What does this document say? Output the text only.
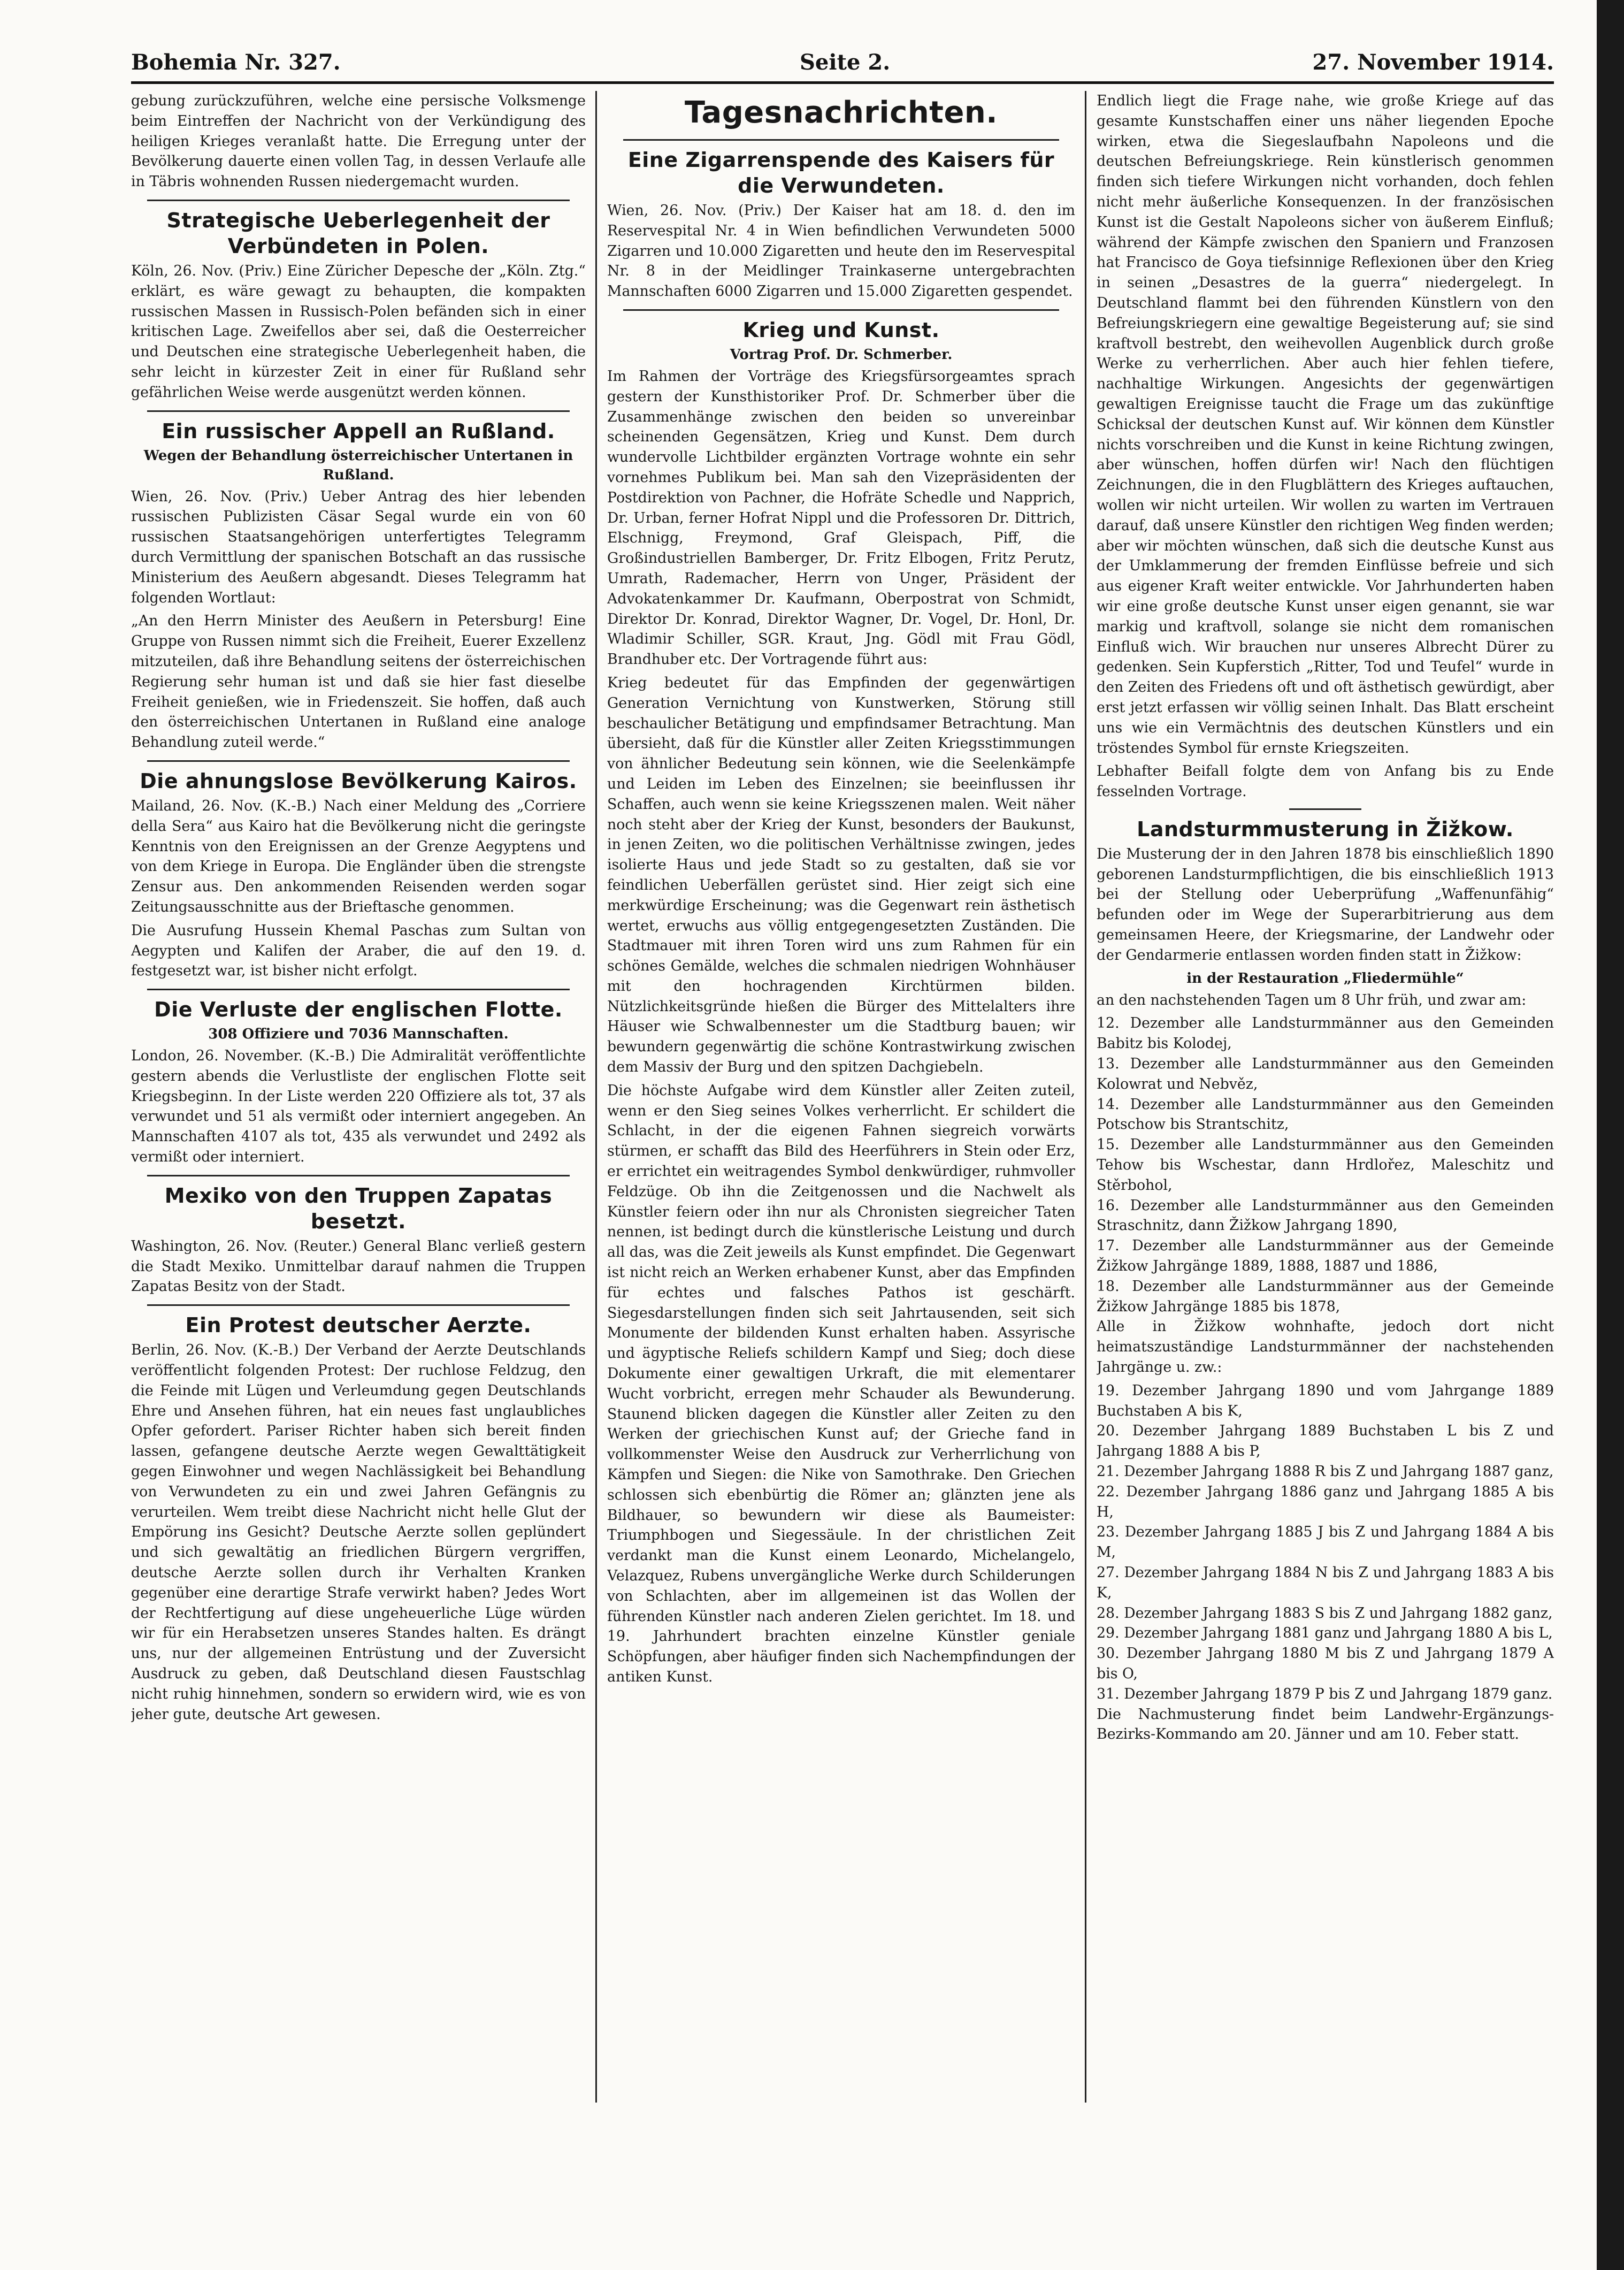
Bohemia Nr. 327.	Seite 2.	27. November 1914.

gebung zurückzuführen, welche eine persische Volksmenge beim Eintreffen der Nachricht von der Verkündigung des heiligen Krieges veranlaßt hatte. Die Erregung unter der Bevölkerung dauerte einen vollen Tag, in dessen Verlaufe alle in Täbris wohnenden Russen niedergemacht wurden.

Strategische Ueberlegenheit der Verbündeten in Polen.

Köln, 26. Nov. (Priv.) Eine Züricher Depesche der „Köln. Ztg.“ erklärt, es wäre gewagt zu behaupten, die kompakten russischen Massen in Russisch-Polen befänden sich in einer kritischen Lage. Zweifellos aber sei, daß die Oesterreicher und Deutschen eine strategische Ueberlegenheit haben, die sehr leicht in kürzester Zeit in einer für Rußland sehr gefährlichen Weise werde ausgenützt werden können.

Ein russischer Appell an Rußland.
Wegen der Behandlung österreichischer Untertanen in Rußland.

Wien, 26. Nov. (Priv.) Ueber Antrag des hier lebenden russischen Publizisten Cäsar Segal wurde ein von 60 russischen Staatsangehörigen unterfertigtes Telegramm durch Vermittlung der spanischen Botschaft an das russische Ministerium des Aeußern abgesandt. Dieses Telegramm hat folgenden Wortlaut:

„An den Herrn Minister des Aeußern in Petersburg! Eine Gruppe von Russen nimmt sich die Freiheit, Euerer Exzellenz mitzuteilen, daß ihre Behandlung seitens der österreichischen Regierung sehr human ist und daß sie hier fast dieselbe Freiheit genießen, wie in Friedenszeit. Sie hoffen, daß auch den österreichischen Untertanen in Rußland eine analoge Behandlung zuteil werde.“

Die ahnungslose Bevölkerung Kairos.

Mailand, 26. Nov. (K.-B.) Nach einer Meldung des „Corriere della Sera“ aus Kairo hat die Bevölkerung nicht die geringste Kenntnis von den Ereignissen an der Grenze Aegyptens und von dem Kriege in Europa. Die Engländer üben die strengste Zensur aus. Den ankommenden Reisenden werden sogar Zeitungsausschnitte aus der Brieftasche genommen.

Die Ausrufung Hussein Khemal Paschas zum Sultan von Aegypten und Kalifen der Araber, die auf den 19. d. festgesetzt war, ist bisher nicht erfolgt.

Die Verluste der englischen Flotte.
308 Offiziere und 7036 Mannschaften.

London, 26. November. (K.-B.) Die Admiralität veröffentlichte gestern abends die Verlustliste der englischen Flotte seit Kriegsbeginn. In der Liste werden 220 Offiziere als tot, 37 als verwundet und 51 als vermißt oder interniert angegeben. An Mannschaften 4107 als tot, 435 als verwundet und 2492 als vermißt oder interniert.

Mexiko von den Truppen Zapatas besetzt.

Washington, 26. Nov. (Reuter.) General Blanc verließ gestern die Stadt Mexiko. Unmittelbar darauf nahmen die Truppen Zapatas Besitz von der Stadt.

Ein Protest deutscher Aerzte.

Berlin, 26. Nov. (K.-B.) Der Verband der Aerzte Deutschlands veröffentlicht folgenden Protest: Der ruchlose Feldzug, den die Feinde mit Lügen und Verleumdung gegen Deutschlands Ehre und Ansehen führen, hat ein neues fast unglaubliches Opfer gefordert. Pariser Richter haben sich bereit finden lassen, gefangene deutsche Aerzte wegen Gewalttätigkeit gegen Einwohner und wegen Nachlässigkeit bei Behandlung von Verwundeten zu ein und zwei Jahren Gefängnis zu verurteilen. Wem treibt diese Nachricht nicht helle Glut der Empörung ins Gesicht? Deutsche Aerzte sollen geplündert und sich gewaltätig an friedlichen Bürgern vergriffen, deutsche Aerzte sollen durch ihr Verhalten Kranken gegenüber eine derartige Strafe verwirkt haben? Jedes Wort der Rechtfertigung auf diese ungeheuerliche Lüge würden wir für ein Herabsetzen unseres Standes halten. Es drängt uns, nur der allgemeinen Entrüstung und der Zuversicht Ausdruck zu geben, daß Deutschland diesen Faustschlag nicht ruhig hinnehmen, sondern so erwidern wird, wie es von jeher gute, deutsche Art gewesen.

Tagesnachrichten.
Eine Zigarrenspende des Kaisers für die Verwundeten.

Wien, 26. Nov. (Priv.) Der Kaiser hat am 18. d. den im Reservespital Nr. 4 in Wien befindlichen Verwundeten 5000 Zigarren und 10.000 Zigaretten und heute den im Reservespital Nr. 8 in der Meidlinger Trainkaserne untergebrachten Mannschaften 6000 Zigarren und 15.000 Zigaretten gespendet.

Krieg und Kunst.
Vortrag Prof. Dr. Schmerber.

Im Rahmen der Vorträge des Kriegsfürsorgeamtes sprach gestern der Kunsthistoriker Prof. Dr. Schmerber über die Zusammenhänge zwischen den beiden so unvereinbar scheinenden Gegensätzen, Krieg und Kunst. Dem durch wundervolle Lichtbilder ergänzten Vortrage wohnte ein sehr vornehmes Publikum bei. Man sah den Vizepräsidenten der Postdirektion von Pachner, die Hofräte Schedle und Napprich, Dr. Urban, ferner Hofrat Nippl und die Professoren Dr. Dittrich, Elschnigg, Freymond, Graf Gleispach, Piff, die Großindustriellen Bamberger, Dr. Fritz Elbogen, Fritz Perutz, Umrath, Rademacher, Herrn von Unger, Präsident der Advokatenkammer Dr. Kaufmann, Oberpostrat von Schmidt, Direktor Dr. Konrad, Direktor Wagner, Dr. Vogel, Dr. Honl, Dr. Wladimir Schiller, SGR. Kraut, Jng. Gödl mit Frau Gödl, Brandhuber etc. Der Vortragende führt aus:

Krieg bedeutet für das Empfinden der gegenwärtigen Generation Vernichtung von Kunstwerken, Störung still beschaulicher Betätigung und empfindsamer Betrachtung. Man übersieht, daß für die Künstler aller Zeiten Kriegsstimmungen von ähnlicher Bedeutung sein können, wie die Seelenkämpfe und Leiden im Leben des Einzelnen; sie beeinflussen ihr Schaffen, auch wenn sie keine Kriegsszenen malen. Weit näher noch steht aber der Krieg der Kunst, besonders der Baukunst, in jenen Zeiten, wo die politischen Verhältnisse zwingen, jedes isolierte Haus und jede Stadt so zu gestalten, daß sie vor feindlichen Ueberfällen gerüstet sind. Hier zeigt sich eine merkwürdige Erscheinung; was die Gegenwart rein ästhetisch wertet, erwuchs aus völlig entgegengesetzten Zuständen. Die Stadtmauer mit ihren Toren wird uns zum Rahmen für ein schönes Gemälde, welches die schmalen niedrigen Wohnhäuser mit den hochragenden Kirchtürmen bilden. Nützlichkeitsgründe hießen die Bürger des Mittelalters ihre Häuser wie Schwalbennester um die Stadtburg bauen; wir bewundern gegenwärtig die schöne Kontrastwirkung zwischen dem Massiv der Burg und den spitzen Dachgiebeln.

Die höchste Aufgabe wird dem Künstler aller Zeiten zuteil, wenn er den Sieg seines Volkes verherrlicht. Er schildert die Schlacht, in der die eigenen Fahnen siegreich vorwärts stürmen, er schafft das Bild des Heerführers in Stein oder Erz, er errichtet ein weitragendes Symbol denkwürdiger, ruhmvoller Feldzüge. Ob ihn die Zeitgenossen und die Nachwelt als Künstler feiern oder ihn nur als Chronisten siegreicher Taten nennen, ist bedingt durch die künstlerische Leistung und durch all das, was die Zeit jeweils als Kunst empfindet. Die Gegenwart ist nicht reich an Werken erhabener Kunst, aber das Empfinden für echtes und falsches Pathos ist geschärft. Siegesdarstellungen finden sich seit Jahrtausenden, seit sich Monumente der bildenden Kunst erhalten haben. Assyrische und ägyptische Reliefs schildern Kampf und Sieg; doch diese Dokumente einer gewaltigen Urkraft, die mit elementarer Wucht vorbricht, erregen mehr Schauder als Bewunderung. Staunend blicken dagegen die Künstler aller Zeiten zu den Werken der griechischen Kunst auf; der Grieche fand in vollkommenster Weise den Ausdruck zur Verherrlichung von Kämpfen und Siegen: die Nike von Samothrake. Den Griechen schlossen sich ebenbürtig die Römer an; glänzten jene als Bildhauer, so bewundern wir diese als Baumeister: Triumphbogen und Siegessäule. In der christlichen Zeit verdankt man die Kunst einem Leonardo, Michelangelo, Velazquez, Rubens unvergängliche Werke durch Schilderungen von Schlachten, aber im allgemeinen ist das Wollen der führenden Künstler nach anderen Zielen gerichtet. Im 18. und 19. Jahrhundert brachten einzelne Künstler geniale Schöpfungen, aber häufiger finden sich Nachempfindungen der antiken Kunst.

Endlich liegt die Frage nahe, wie große Kriege auf das gesamte Kunstschaffen einer uns näher liegenden Epoche wirken, etwa die Siegeslaufbahn Napoleons und die deutschen Befreiungskriege. Rein künstlerisch genommen finden sich tiefere Wirkungen nicht vorhanden, doch fehlen nicht mehr äußerliche Konsequenzen. In der französischen Kunst ist die Gestalt Napoleons sicher von äußerem Einfluß; während der Kämpfe zwischen den Spaniern und Franzosen hat Francisco de Goya tiefsinnige Reflexionen über den Krieg in seinen „Desastres de la guerra“ niedergelegt. In Deutschland flammt bei den führenden Künstlern von den Befreiungskriegern eine gewaltige Begeisterung auf; sie sind kraftvoll bestrebt, den weihevollen Augenblick durch große Werke zu verherrlichen. Aber auch hier fehlen tiefere, nachhaltige Wirkungen. Angesichts der gegenwärtigen gewaltigen Ereignisse taucht die Frage um das zukünftige Schicksal der deutschen Kunst auf. Wir können dem Künstler nichts vorschreiben und die Kunst in keine Richtung zwingen, aber wünschen, hoffen dürfen wir! Nach den flüchtigen Zeichnungen, die in den Flugblättern des Krieges auftauchen, wollen wir nicht urteilen. Wir wollen zu warten im Vertrauen darauf, daß unsere Künstler den richtigen Weg finden werden; aber wir möchten wünschen, daß sich die deutsche Kunst aus der Umklammerung der fremden Einflüsse befreie und sich aus eigener Kraft weiter entwickle. Vor Jahrhunderten haben wir eine große deutsche Kunst unser eigen genannt, sie war markig und kraftvoll, solange sie nicht dem romanischen Einfluß wich. Wir brauchen nur unseres Albrecht Dürer zu gedenken. Sein Kupferstich „Ritter, Tod und Teufel“ wurde in den Zeiten des Friedens oft und oft ästhetisch gewürdigt, aber erst jetzt erfassen wir völlig seinen Inhalt. Das Blatt erscheint uns wie ein Vermächtnis des deutschen Künstlers und ein tröstendes Symbol für ernste Kriegszeiten.

Lebhafter Beifall folgte dem von Anfang bis zu Ende fesselnden Vortrage.

Landsturmmusterung in Žižkow.

Die Musterung der in den Jahren 1878 bis einschließlich 1890 geborenen Landsturmpflichtigen, die bis einschließlich 1913 bei der Stellung oder Ueberprüfung „Waffenunfähig“ befunden oder im Wege der Superarbitrierung aus dem gemeinsamen Heere, der Kriegsmarine, der Landwehr oder der Gendarmerie entlassen worden finden statt in Žižkow:

in der Restauration „Fliedermühle“

an den nachstehenden Tagen um 8 Uhr früh, und zwar am:

12. Dezember alle Landsturmmänner aus den Gemeinden Babitz bis Kolodej,

13. Dezember alle Landsturmmänner aus den Gemeinden Kolowrat und Nebvěz,

14. Dezember alle Landsturmmänner aus den Gemeinden Potschow bis Strantschitz,

15. Dezember alle Landsturmmänner aus den Gemeinden Tehow bis Wschestar, dann Hrdlořez, Maleschitz und Stěrbohol,

16. Dezember alle Landsturmmänner aus den Gemeinden Straschnitz, dann Žižkow Jahrgang 1890,

17. Dezember alle Landsturmmänner aus der Gemeinde Žižkow Jahrgänge 1889, 1888, 1887 und 1886,

18. Dezember alle Landsturmmänner aus der Gemeinde Žižkow Jahrgänge 1885 bis 1878,

Alle in Žižkow wohnhafte, jedoch dort nicht heimatszuständige Landsturmmänner der nachstehenden Jahrgänge u. zw.:

19. Dezember Jahrgang 1890 und vom Jahrgange 1889 Buchstaben A bis K,

20. Dezember Jahrgang 1889 Buchstaben L bis Z und Jahrgang 1888 A bis P,

21. Dezember Jahrgang 1888 R bis Z und Jahrgang 1887 ganz,

22. Dezember Jahrgang 1886 ganz und Jahrgang 1885 A bis H,

23. Dezember Jahrgang 1885 J bis Z und Jahrgang 1884 A bis M,

27. Dezember Jahrgang 1884 N bis Z und Jahrgang 1883 A bis K,

28. Dezember Jahrgang 1883 S bis Z und Jahrgang 1882 ganz,

29. Dezember Jahrgang 1881 ganz und Jahrgang 1880 A bis L,

30. Dezember Jahrgang 1880 M bis Z und Jahrgang 1879 A bis O,

31. Dezember Jahrgang 1879 P bis Z und Jahrgang 1879 ganz.

Die Nachmusterung findet beim Landwehr-Ergänzungs-Bezirks-Kommando am 20. Jänner und am 10. Feber statt.
